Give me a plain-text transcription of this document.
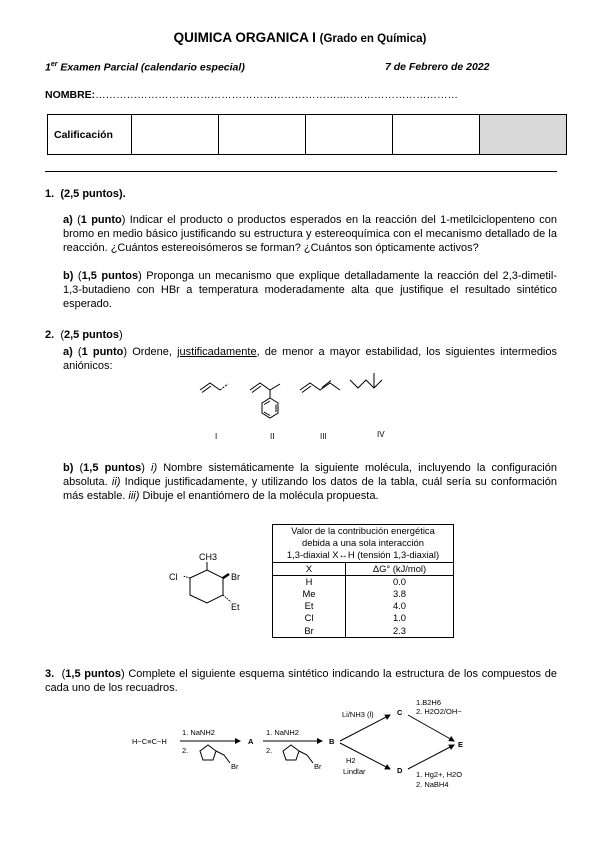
QUIMICA ORGANICA I (Grado en Química)
1er Examen Parcial (calendario especial)	7 de Febrero de 2022
NOMBRE:……………………………………………………………..……………………………
Calificación					
1. (2,5 puntos).
a) (1 punto) Indicar el producto o productos esperados en la reacción del 1-metilciclopenteno con bromo en medio básico justificando su estructura y estereoquímica con el mecanismo detallado de la reacción. ¿Cuántos estereoisómeros se forman? ¿Cuántos son ópticamente activos?
b) (1,5 puntos) Proponga un mecanismo que explique detalladamente la reacción del 2,3-dimetil-1,3-butadieno con HBr a temperatura moderadamente alta que justifique el resultado sintético esperado.
2. (2,5 puntos)
a) (1 punto) Ordene, justificadamente, de menor a mayor estabilidad, los siguientes intermedios aniónicos:
I	II	III	IV
b) (1,5 puntos) i) Nombre sistemáticamente la siguiente molécula, incluyendo la configuración absoluta. ii) Indique justificadamente, y utilizando los datos de la tabla, cuál sería su conformación más estable. iii) Dibuje el enantiómero de la molécula propuesta.
CH3
Br
Cl
Et
Valor de la contribución energética	
debida a una sola interacción	
1,3-diaxial X↔H (tensión 1,3-diaxial)	
X	ΔG° (kJ/mol)
H	0.0
Me	3.8
Et	4.0
Cl	1.0
Br	2.3
3.  (1,5 puntos) Complete el siguiente esquema sintético indicando la estructura de los compuestos de cada uno de los recuadros.
H−C≡C−H
1. NaNH2
2.
A
1. NaNH2
2.
B
Li/NH3 (l)	C
H2
Lindlar	D
1.B2H6
2. H2O2/OH−
E
1. Hg2+, H2O
2. NaBH4
Br	Br
